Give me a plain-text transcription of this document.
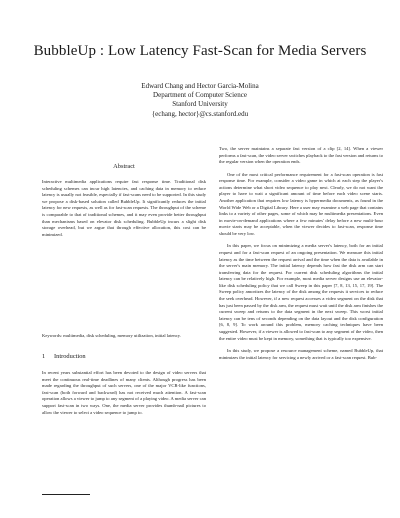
BubbleUp : Low Latency Fast-Scan for Media Servers
Edward Chang and Hector Garcia-Molina
Department of Computer Science
Stanford University
{echang, hector}@cs.stanford.edu
Abstract

Interactive multimedia applications require fast response time. Traditional disk scheduling schemes can incur high latencies, and caching data in memory to reduce latency is usually not feasible, especially if fast-scans need to be supported. In this study we propose a disk-based solution called BubbleUp. It significantly reduces the initial latency for new requests, as well as for fast-scan requests. The throughput of the scheme is comparable to that of traditional schemes, and it may even provide better throughput than mechanisms based on elevator disk scheduling. BubbleUp incurs a slight disk storage overhead, but we argue that through effective allocation, this cost can be minimized.

Keywords: multimedia, disk scheduling, memory utilization, initial latency.
1 Introduction

In recent years substantial effort has been devoted to the design of video servers that meet the continuous real-time deadlines of many clients. Although progress has been made regarding the throughput of such servers, one of the major VCR-like functions, fast-scan (both forward and backward) has not received much attention. A fast-scan operation allows a viewer to jump to any segment of a playing video. A media server can support fast-scan in two ways. One, the media server provides thumb-nail pictures to allow the viewer to select a video sequence to jump to.

Two, the server maintains a separate fast version of a clip [2, 14]. When a viewer performs a fast-scan, the video server switches playback to the fast version and returns to the regular version when the operation ends.

One of the most critical performance requirement for a fast-scan operation is fast response time. For example, consider a video game in which at each step the player's actions determine what short video sequence to play next. Clearly, we do not want the player to have to wait a significant amount of time before each video scene starts. Another application that requires low latency is hypermedia documents, as found in the World Wide Web or a Digital Library. Here a user may examine a web page that contains links to a variety of other pages, some of which may be multimedia presentations. Even in movie-on-demand applications where a few minutes' delay before a new multi-hour movie starts may be acceptable, when the viewer decides to fast-scan, response time should be very low.

In this paper, we focus on minimizing a media server's latency, both for an initial request and for a fast-scan request of an ongoing presentation. We measure this initial latency as the time between the request arrival and the time when the data is available in the server's main memory. The initial latency depends how fast the disk arm can start transferring data for the request. For current disk scheduling algorithms the initial latency can be relatively high. For example, most media server designs use an elevator-like disk scheduling policy that we call Sweep in this paper [7, 8, 13, 15, 17, 19]. The Sweep policy amortizes the latency of the disk among the requests it services to reduce the seek overhead. However, if a new request accesses a video segment on the disk that has just been passed by the disk arm, the request must wait until the disk arm finishes the current sweep and returns to the data segment in the next sweep. This worst initial latency can be tens of seconds depending on the data layout and the disk configuration [6, 8, 9]. To work around this problem, memory caching techniques have been suggested. However, if a viewer is allowed to fast-scan to any segment of the video, then the entire video must be kept in memory, something that is typically too expensive.

In this study, we propose a resource management scheme, named BubbleUp, that minimizes the initial latency for servicing a newly arrived or a fast-scan request. Bub-
